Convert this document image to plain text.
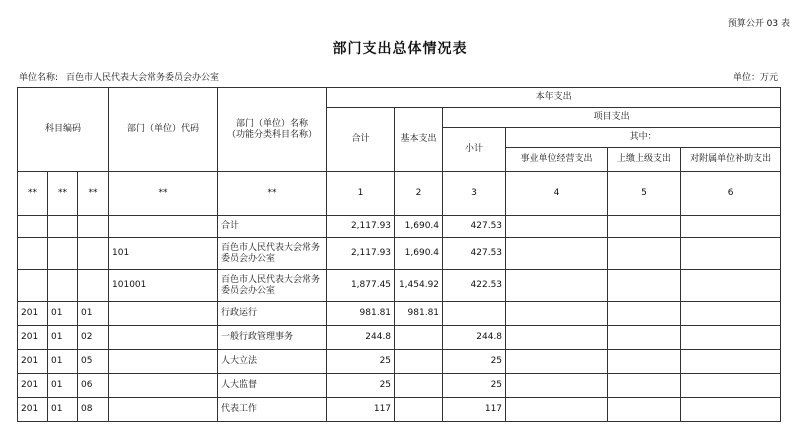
预算公开 03 表
部门支出总体情况表
单位名称: 百色市人民代表大会常务委员会办公室	单位：万元
科目编码			部门（单位）代码	部门（单位）名称
（功能分类科目名称）	本年支出					
					合计	基本支出	项目支出			
							小计	其中：		
								事业单位经营支出	上缴上级支出	对附属单位补助支出
**	**	**	**	**	1	2	3	4	5	6
				合计	2,117.93	1,690.4	427.53			
			101	百色市人民代表大会常务委员会办公室	2,117.93	1,690.4	427.53			
			101001	百色市人民代表大会常务委员会办公室	1,877.45	1,454.92	422.53			
201	01	01		行政运行	981.81	981.81				
201	01	02		一般行政管理事务	244.8		244.8			
201	01	05		人大立法	25		25			
201	01	06		人大监督	25		25			
201	01	08		代表工作	117		117			
